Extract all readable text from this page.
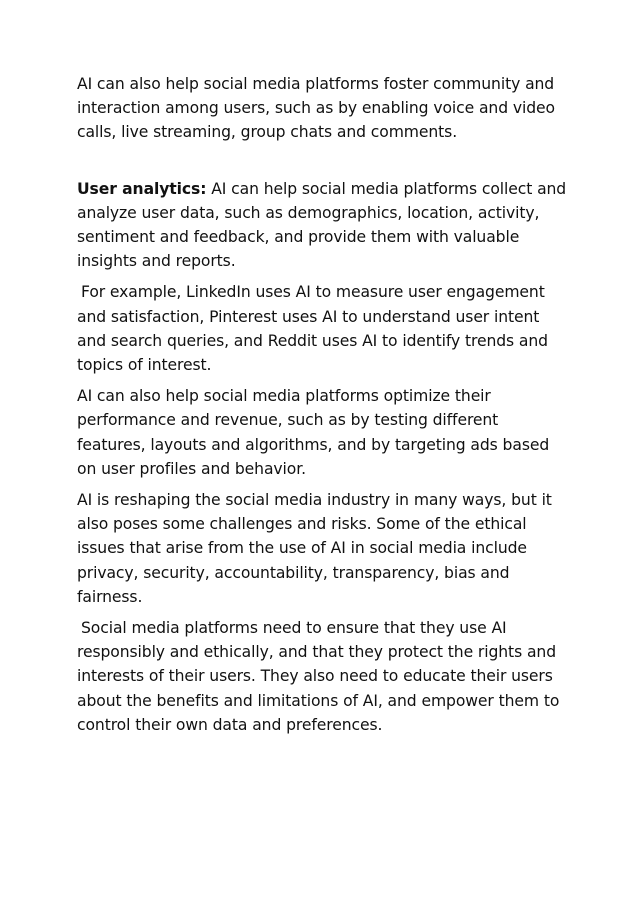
AI can also help social media platforms foster community and interaction among users, such as by enabling voice and video calls, live streaming, group chats and comments.

User analytics: AI can help social media platforms collect and analyze user data, such as demographics, location, activity, sentiment and feedback, and provide them with valuable insights and reports.

For example, LinkedIn uses AI to measure user engagement and satisfaction, Pinterest uses AI to understand user intent and search queries, and Reddit uses AI to identify trends and topics of interest.

AI can also help social media platforms optimize their performance and revenue, such as by testing different features, layouts and algorithms, and by targeting ads based on user profiles and behavior.

AI is reshaping the social media industry in many ways, but it also poses some challenges and risks. Some of the ethical issues that arise from the use of AI in social media include privacy, security, accountability, transparency, bias and fairness.

Social media platforms need to ensure that they use AI responsibly and ethically, and that they protect the rights and interests of their users. They also need to educate their users about the benefits and limitations of AI, and empower them to control their own data and preferences.
